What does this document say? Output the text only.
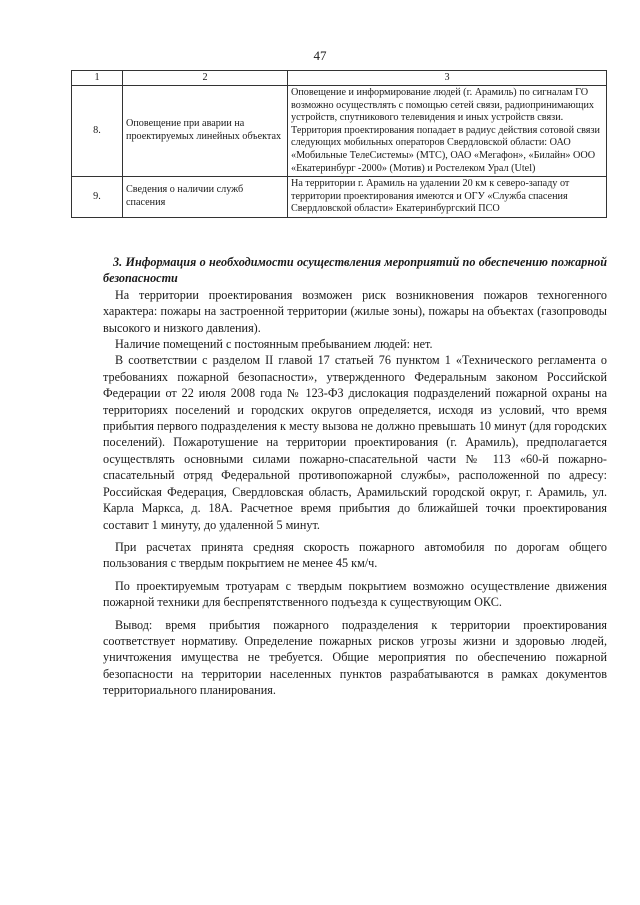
47
1	2	3
8.	Оповещение при аварии на проектируемых линейных объектах	Оповещение и информирование людей (г. Арамиль) по сигналам ГО возможно осуществлять с помощью сетей связи, радиопринимающих устройств, спутникового телевидения и иных устройств связи. Территория проектирования попадает в радиус действия сотовой связи следующих мобильных операторов Свердловской области: ОАО «Мобильные ТелеСистемы» (МТС), ОАО «Мегафон», «Билайн» ООО «Екатеринбург -2000» (Мотив) и Ростелеком Урал (Utel)
9.	Сведения о наличии служб спасения	На территории г. Арамиль на удалении 20 км к северо-западу от территории проектирования имеются и ОГУ «Служба спасения Свердловской области» Екатеринбургский ПСО

3. Информация о необходимости осуществления мероприятий по обеспечению пожарной безопасности

На территории проектирования возможен риск возникновения пожаров техногенного характера: пожары на застроенной территории (жилые зоны), пожары на объектах (газопроводы высокого и низкого давления).

Наличие помещений с постоянным пребыванием людей: нет.

В соответствии с разделом II главой 17 статьей 76 пунктом 1 «Технического регламента о требованиях пожарной безопасности», утвержденного Федеральным законом Российской Федерации от 22 июля 2008 года № 123-ФЗ дислокация подразделений пожарной охраны на территориях поселений и городских округов определяется, исходя из условий, что время прибытия первого подразделения к месту вызова не должно превышать 10 минут (для городских поселений). Пожаротушение на территории проектирования (г. Арамиль), предполагается осуществлять основными силами пожарно-спасательной части № 113 «60-й пожарно-спасательный отряд Федеральной противопожарной службы», расположенной по адресу: Российская Федерация, Свердловская область, Арамильский городской округ, г. Арамиль, ул. Карла Маркса, д. 18А. Расчетное время прибытия до ближайшей точки проектирования составит 1 минуту, до удаленной 5 минут.

При расчетах принята средняя скорость пожарного автомобиля по дорогам общего пользования с твердым покрытием не менее 45 км/ч.

По проектируемым тротуарам с твердым покрытием возможно осуществление движения пожарной техники для беспрепятственного подъезда к существующим ОКС.

Вывод: время прибытия пожарного подразделения к территории проектирования соответствует нормативу. Определение пожарных рисков угрозы жизни и здоровью людей, уничтожения имущества не требуется. Общие мероприятия по обеспечению пожарной безопасности на территории населенных пунктов разрабатываются в рамках документов территориального планирования.
